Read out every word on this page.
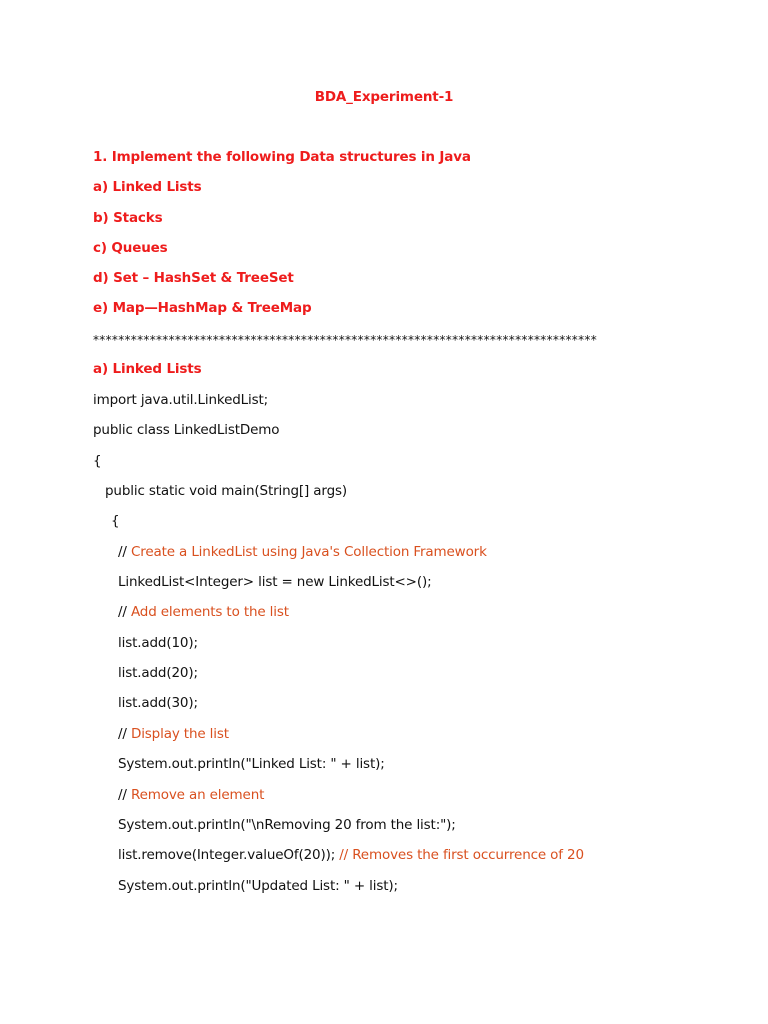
BDA_Experiment-1
1. Implement the following Data structures in Java
a) Linked Lists
b) Stacks
c) Queues
d) Set – HashSet & TreeSet
e) Map—HashMap & TreeMap
********************************************************************************
a) Linked Lists
import java.util.LinkedList;
public class LinkedListDemo
{
public static void main(String[] args)
{
// Create a LinkedList using Java's Collection Framework
LinkedList<Integer> list = new LinkedList<>();
// Add elements to the list
list.add(10);
list.add(20);
list.add(30);
// Display the list
System.out.println("Linked List: " + list);
// Remove an element
System.out.println("\nRemoving 20 from the list:");
list.remove(Integer.valueOf(20)); // Removes the first occurrence of 20
System.out.println("Updated List: " + list);
